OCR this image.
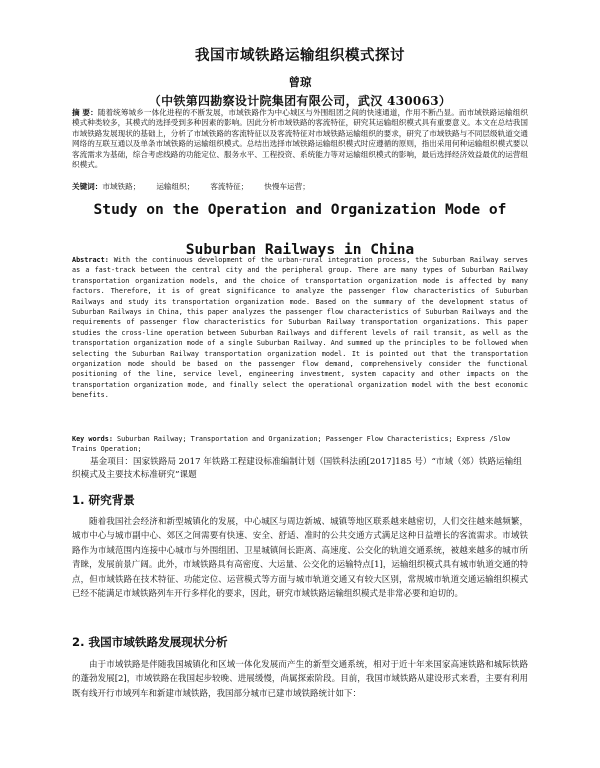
我国市域铁路运输组织模式探讨
曾琼
（中铁第四勘察设计院集团有限公司，武汉 430063）

摘 要：随着统筹城乡一体化进程的不断发展，市域铁路作为中心城区与外围组团之间的快速通道，作用不断凸显。而市域铁路运输组织模式种类较多，其模式的选择受到多种因素的影响。因此分析市域铁路的客流特征，研究其运输组织模式具有重要意义。本文在总结我国市域铁路发展现状的基础上，分析了市域铁路的客流特征以及客流特征对市域铁路运输组织的要求，研究了市域铁路与不同层级轨道交通网络的互联互通以及单条市域铁路的运输组织模式。总结出选择市域铁路运输组织模式时应遵循的原则，指出采用何种运输组织模式要以客流需求为基础，综合考虑线路的功能定位、服务水平、工程投资、系统能力等对运输组织模式的影响，最后选择经济效益最优的运营组织模式。

关键词：市域铁路； 运输组织； 客流特征； 快慢车运营；

Study on the Operation and Organization Mode of Suburban Railways in China

Abstract: With the continuous development of the urban-rural integration process, the Suburban Railway serves as a fast-track between the central city and the peripheral group. There are many types of Suburban Railway transportation organization models, and the choice of transportation organization mode is affected by many factors. Therefore, it is of great significance to analyze the passenger flow characteristics of Suburban Railways and study its transportation organization mode. Based on the summary of the development status of Suburban Railways in China, this paper analyzes the passenger flow characteristics of Suburban Railways and the requirements of passenger flow characteristics for Suburban Railway transportation organizations. This paper studies the cross-line operation between Suburban Railways and different levels of rail transit, as well as the transportation organization mode of a single Suburban Railway. And summed up the principles to be followed when selecting the Suburban Railway transportation organization model. It is pointed out that the transportation organization mode should be based on the passenger flow demand, comprehensively consider the functional positioning of the line, service level, engineering investment, system capacity and other impacts on the transportation organization mode, and finally select the operational organization model with the best economic benefits.

Key words: Suburban Railway; Transportation and Organization; Passenger Flow Characteristics; Express /Slow Trains Operation;

基金项目：国家铁路局 2017 年铁路工程建设标准编制计划（国铁科法函[2017]185 号）“市域（郊）铁路运输组织模式及主要技术标准研究”课题

1. 研究背景

随着我国社会经济和新型城镇化的发展，中心城区与周边新城、城镇等地区联系越来越密切，人们交往越来越频繁，城市中心与城市副中心、郊区之间需要有快速、安全、舒适、准时的公共交通方式满足这种日益增长的客流需求。市域铁路作为市域范围内连接中心城市与外围组团、卫星城镇间长距离、高速度、公交化的轨道交通系统，被越来越多的城市所青睐，发展前景广阔。此外，市域铁路具有高密度、大运量、公交化的运输特点[1]，运输组织模式具有城市轨道交通的特点，但市域铁路在技术特征、功能定位、运营模式等方面与城市轨道交通又有较大区别，常规城市轨道交通运输组织模式已经不能满足市域铁路列车开行多样化的要求，因此，研究市域铁路运输组织模式是非常必要和迫切的。

2. 我国市域铁路发展现状分析

由于市域铁路是伴随我国城镇化和区域一体化发展而产生的新型交通系统，相对于近十年来国家高速铁路和城际铁路的蓬勃发展[2]，市域铁路在我国起步较晚、进展缓慢，尚属探索阶段。目前，我国市域铁路从建设形式来看，主要有利用既有线开行市域列车和新建市域铁路，我国部分城市已建市域铁路统计如下：
